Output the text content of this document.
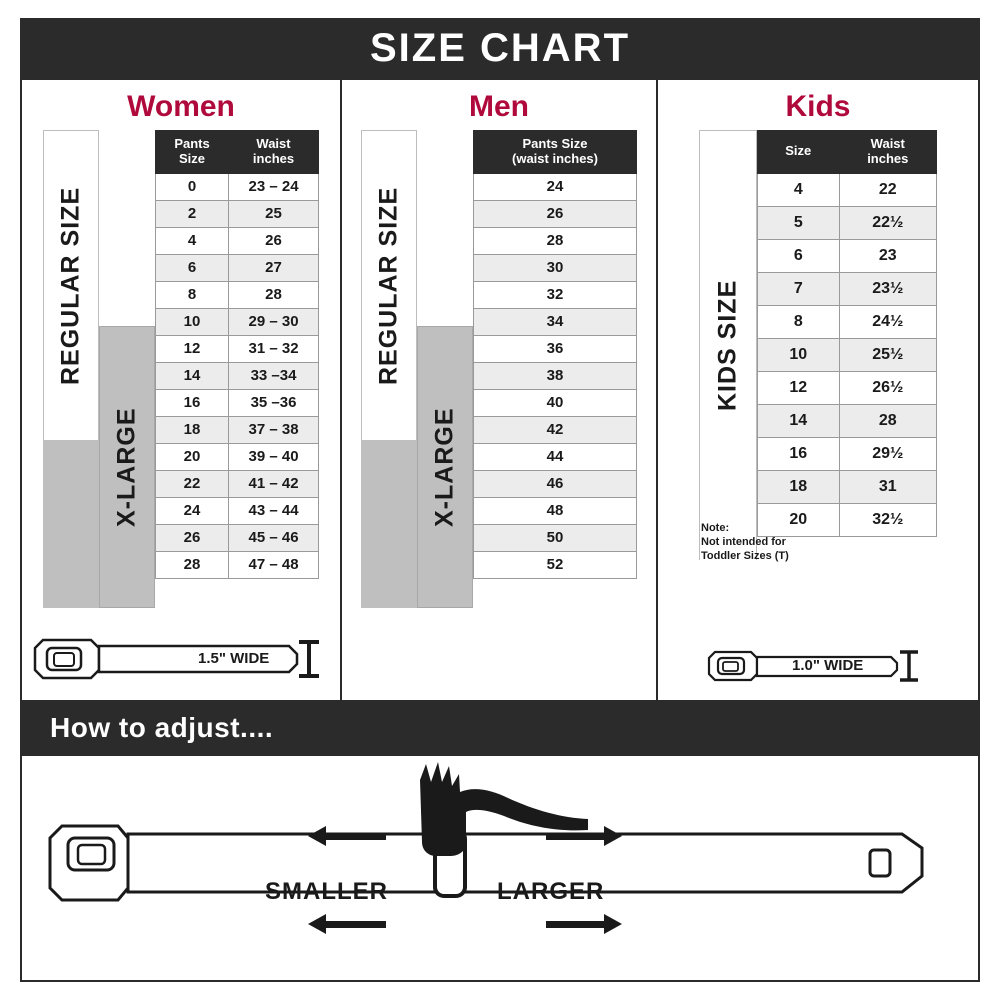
SIZE CHART
Women
REGULAR SIZE
X-LARGE
Pants Size	Waist
inches
0	23 – 24
2	25
4	26
6	27
8	28
10	29 – 30
12	31 – 32
14	33 –34
16	35 –36
18	37 – 38
20	39 – 40
22	41 – 42
24	43 – 44
26	45 – 46
28	47 – 48
1.5" WIDE
Men
REGULAR SIZE
X-LARGE
Pants Size
(waist inches)
24
26
28
30
32
34
36
38
40
42
44
46
48
50
52
Kids
KIDS SIZE
Size	Waist
inches
4	22
5	22½
6	23
7	23½
8	24½
10	25½
12	26½
14	28
16	29½
18	31
20	32½
Note:
Not intended for
Toddler Sizes (T)
1.0" WIDE
How to adjust....
SMALLER	LARGER
